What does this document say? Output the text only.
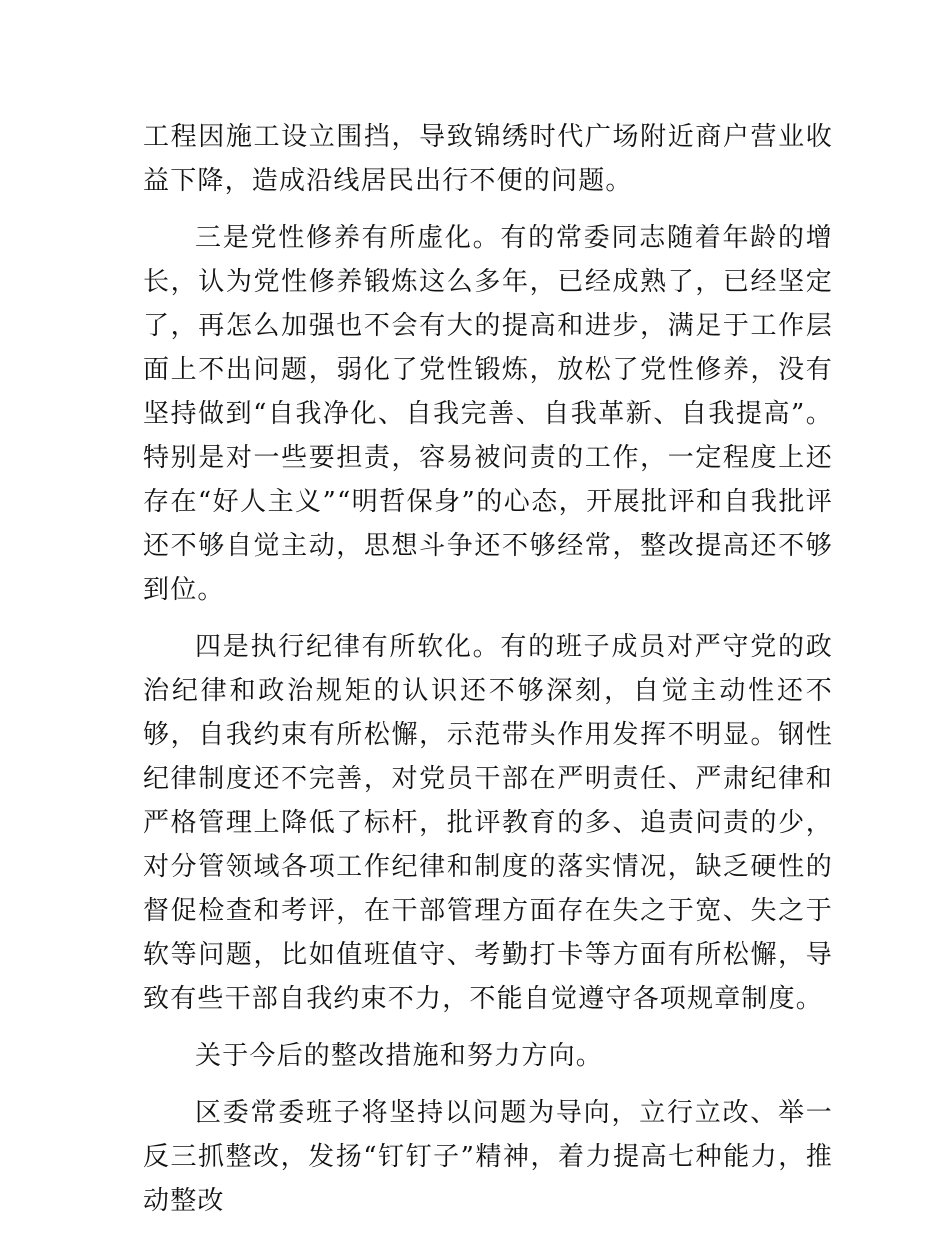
工程因施工设立围挡，导致锦绣时代广场附近商户营业收益下降，造成沿线居民出行不便的问题。

三是党性修养有所虚化。有的常委同志随着年龄的增长，认为党性修养锻炼这么多年，已经成熟了，已经坚定了，再怎么加强也不会有大的提高和进步，满足于工作层面上不出问题，弱化了党性锻炼，放松了党性修养，没有坚持做到“自我净化、自我完善、自我革新、自我提高”。特别是对一些要担责，容易被问责的工作，一定程度上还存在“好人主义”“明哲保身”的心态，开展批评和自我批评还不够自觉主动，思想斗争还不够经常，整改提高还不够到位。

四是执行纪律有所软化。有的班子成员对严守党的政治纪律和政治规矩的认识还不够深刻，自觉主动性还不够，自我约束有所松懈，示范带头作用发挥不明显。钢性纪律制度还不完善，对党员干部在严明责任、严肃纪律和严格管理上降低了标杆，批评教育的多、追责问责的少，对分管领域各项工作纪律和制度的落实情况，缺乏硬性的督促检查和考评，在干部管理方面存在失之于宽、失之于软等问题，比如值班值守、考勤打卡等方面有所松懈，导致有些干部自我约束不力，不能自觉遵守各项规章制度。

关于今后的整改措施和努力方向。

区委常委班子将坚持以问题为导向，立行立改、举一反三抓整改，发扬“钉钉子”精神，着力提高七种能力，推动整改
